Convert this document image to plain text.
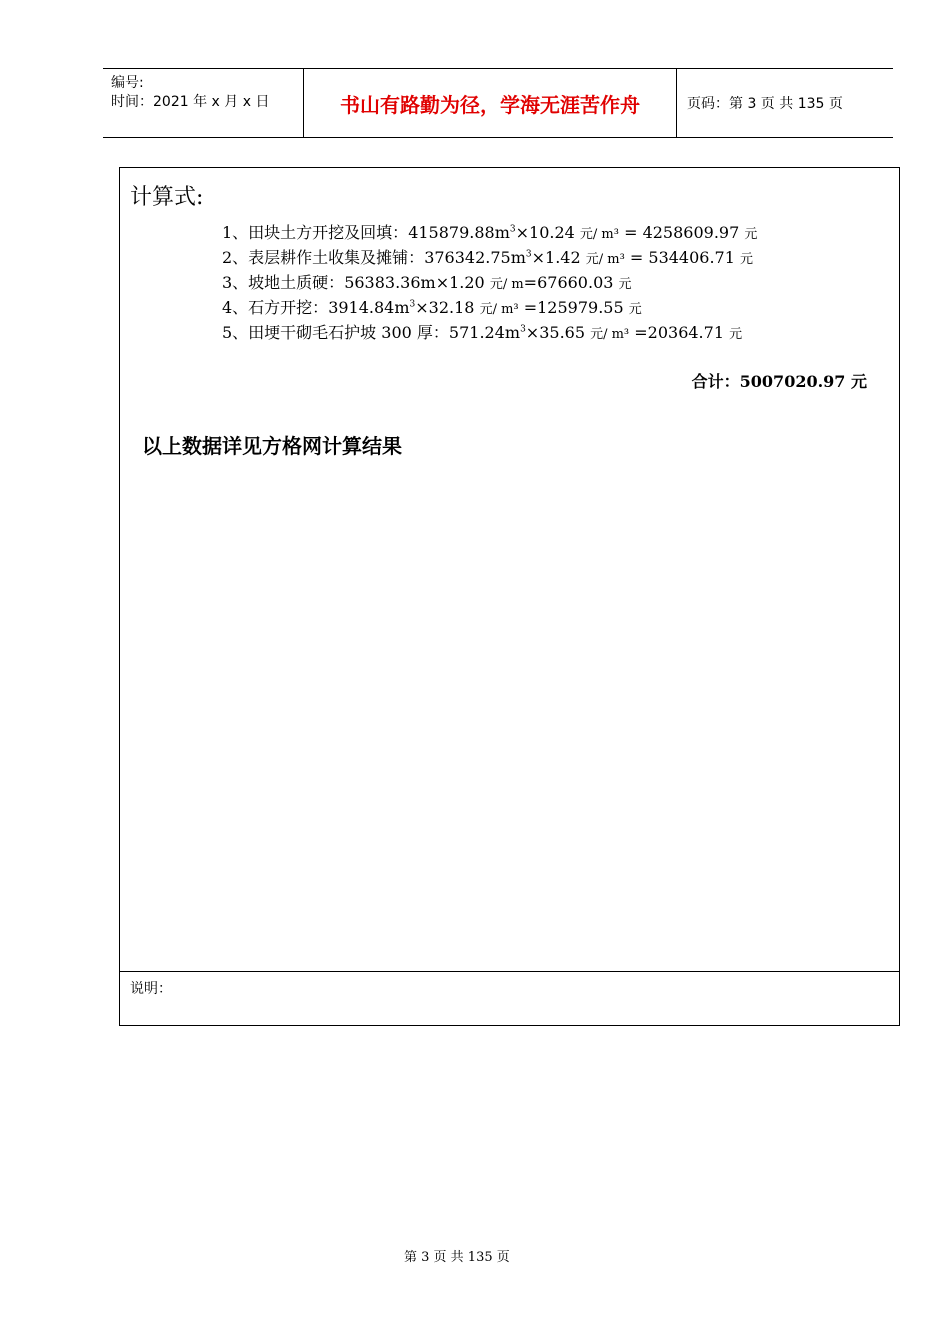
编号:
时间：2021 年 x 月 x 日	书山有路勤为径，学海无涯苦作舟	页码：第 3 页 共 135 页
计算式:
1、田块土方开挖及回填：$415879.88m^3\times 10.24$ 元/ m³ = 4258609.97 元
2、表层耕作土收集及摊铺：$376342.75m^3\times 1.42$ 元/ m³ = 534406.71 元
3、坡地土质硬：56383.36m×1.20 元/ m=67660.03 元
4、石方开挖：$3914.84m^3\times 32.18$ 元/ m³ =125979.55 元
5、田埂干砌毛石护坡 300 厚：$571.24m^3\times 35.65$ 元/ m³ =20364.71 元
合计：5007020.97 元
以上数据详见方格网计算结果
说明：
第 3 页 共 135 页
